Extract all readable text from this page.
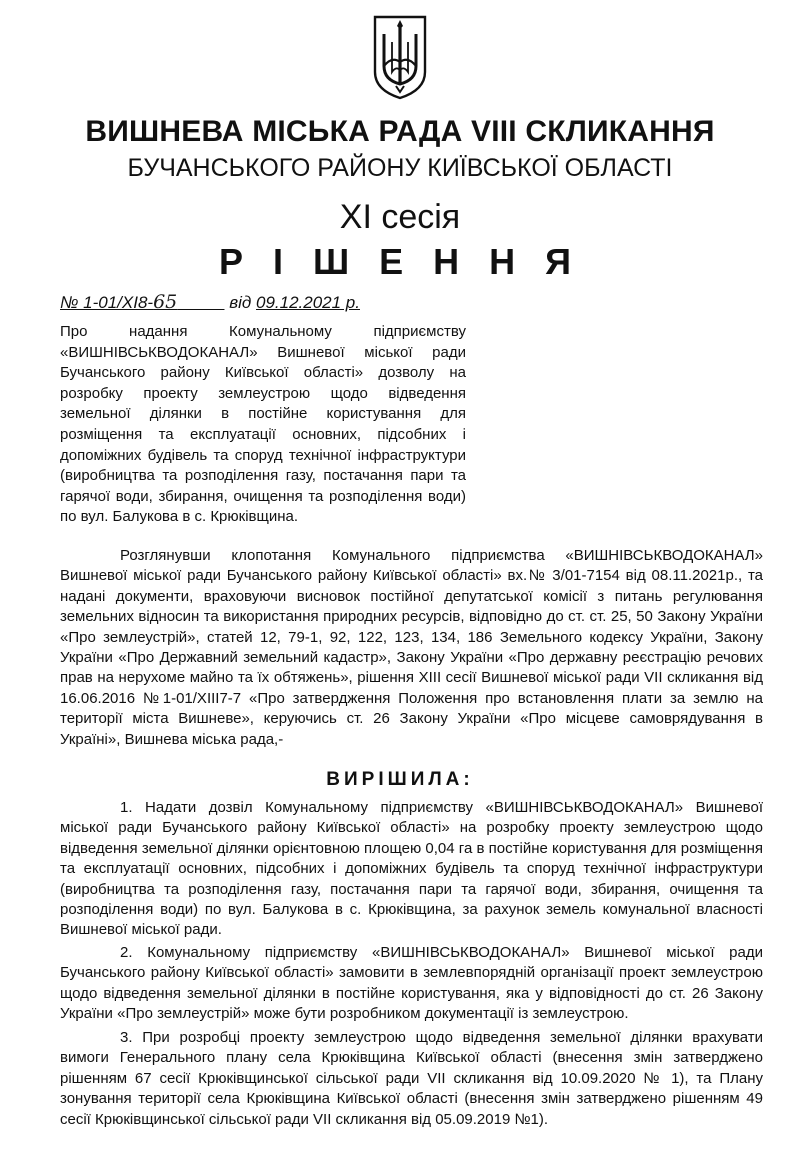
ВИШНЕВА МІСЬКА РАДА VIII СКЛИКАННЯ
БУЧАНСЬКОГО РАЙОНУ КИЇВСЬКОЇ ОБЛАСТІ
XI сесія
Р І Ш Е Н Н Я
№ 1-01/XI8-65	від 09.12.2021 р.
Про надання Комунальному підприємству «ВИШНІВСЬКВОДОКАНАЛ» Вишневої міської ради Бучанського району Київської області» дозволу на розробку проекту землеустрою щодо відведення земельної ділянки в постійне користування для розміщення та експлуатації основних, підсобних і допоміжних будівель та споруд технічної інфраструктури (виробництва та розподілення газу, постачання пари та гарячої води, збирання, очищення та розподілення води) по вул. Балукова в с. Крюківщина.

Розглянувши клопотання Комунального підприємства «ВИШНІВСЬКВОДОКАНАЛ» Вишневої міської ради Бучанського району Київської області» вх.№ 3/01-7154 від 08.11.2021р., та надані документи, враховуючи висновок постійної депутатської комісії з питань регулювання земельних відносин та використання природних ресурсів, відповідно до ст. ст. 25, 50 Закону України «Про землеустрій», статей 12, 79-1, 92, 122, 123, 134, 186 Земельного кодексу України, Закону України «Про Державний земельний кадастр», Закону України «Про державну реєстрацію речових прав на нерухоме майно та їх обтяжень», рішення XIII сесії Вишневої міської ради VII скликання від 16.06.2016 №1-01/XIII7-7 «Про затвердження Положення про встановлення плати за землю на території міста Вишневе», керуючись ст. 26 Закону України «Про місцеве самоврядування в Україні», Вишнева міська рада,-

ВИРІШИЛА:

1. Надати дозвіл Комунальному підприємству «ВИШНІВСЬКВОДОКАНАЛ» Вишневої міської ради Бучанського району Київської області» на розробку проекту землеустрою щодо відведення земельної ділянки орієнтовною площею 0,04 га в постійне користування для розміщення та експлуатації основних, підсобних і допоміжних будівель та споруд технічної інфраструктури (виробництва та розподілення газу, постачання пари та гарячої води, збирання, очищення та розподілення води) по вул. Балукова в с. Крюківщина, за рахунок земель комунальної власності Вишневої міської ради.

2. Комунальному підприємству «ВИШНІВСЬКВОДОКАНАЛ» Вишневої міської ради Бучанського району Київської області» замовити в землевпорядній організації проект землеустрою щодо відведення земельної ділянки в постійне користування, яка у відповідності до ст. 26 Закону України «Про землеустрій» може бути розробником документації із землеустрою.

3. При розробці проекту землеустрою щодо відведення земельної ділянки врахувати вимоги Генерального плану села Крюківщина Київської області (внесення змін затверджено рішенням 67 сесії Крюківщинської сільської ради VII скликання від 10.09.2020 № 1), та Плану зонування території села Крюківщина Київської області (внесення змін затверджено рішенням 49 сесії Крюківщинської сільської ради VII скликання від 05.09.2019 №1).
